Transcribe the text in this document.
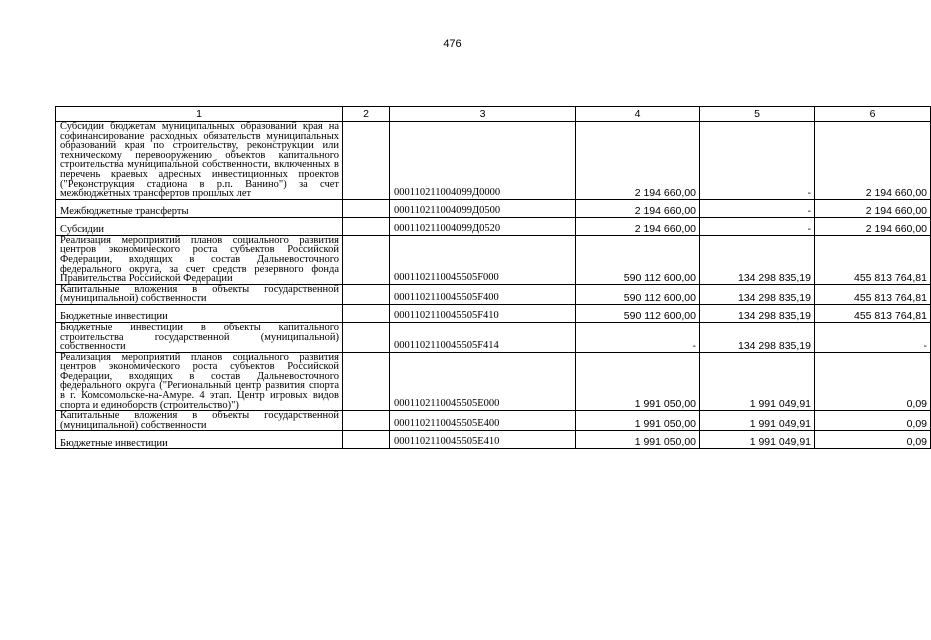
476
1	2	3	4	5	6
Субсидии бюджетам муниципальных образований края на софинансирование расходных обязательств муниципальных образований края по строительству, реконструкции или техническому перевооружению объектов капитального строительства муниципальной собственности, включенных в перечень краевых адресных инвестиционных проектов ("Реконструкция стадиона в р.п. Ванино") за счет межбюджетных трансфертов прошлых лет		000110211004099Д0000	2 194 660,00	-	2 194 660,00
Межбюджетные трансферты		000110211004099Д0500	2 194 660,00	-	2 194 660,00
Субсидии		000110211004099Д0520	2 194 660,00	-	2 194 660,00
Реализация мероприятий планов социального развития центров экономического роста субъектов Российской Федерации, входящих в состав Дальневосточного федерального округа, за счет средств резервного фонда Правительства Российской Федерации		0001102110045505F000	590 112 600,00	134 298 835,19	455 813 764,81
Капитальные вложения в объекты государственной (муниципальной) собственности		0001102110045505F400	590 112 600,00	134 298 835,19	455 813 764,81
Бюджетные инвестиции		0001102110045505F410	590 112 600,00	134 298 835,19	455 813 764,81
Бюджетные инвестиции в объекты капитального строительства государственной (муниципальной) собственности		0001102110045505F414	-	134 298 835,19	-
Реализация мероприятий планов социального развития центров экономического роста субъектов Российской Федерации, входящих в состав Дальневосточного федерального округа ("Региональный центр развития спорта в г. Комсомольске-на-Амуре. 4 этап. Центр игровых видов спорта и единоборств (строительство)")		0001102110045505E000	1 991 050,00	1 991 049,91	0,09
Капитальные вложения в объекты государственной (муниципальной) собственности		0001102110045505E400	1 991 050,00	1 991 049,91	0,09
Бюджетные инвестиции		0001102110045505E410	1 991 050,00	1 991 049,91	0,09
